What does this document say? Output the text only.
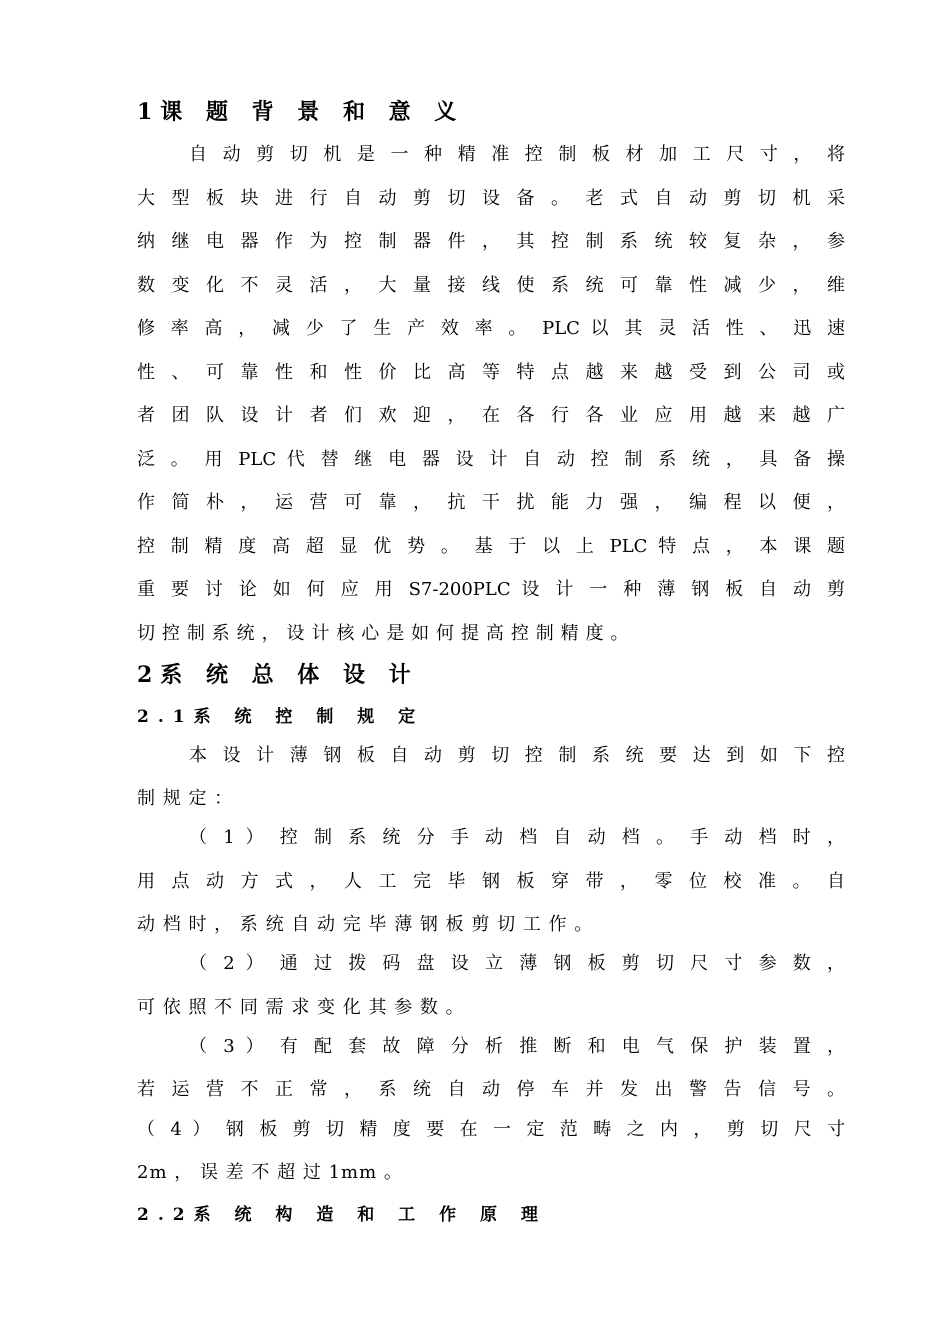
1课 题 背 景 和 意 义
自 动 剪 切 机 是 一 种 精 准 控 制 板 材 加 工 尺 寸 ， 将
大 型 板 块 进 行 自 动 剪 切 设 备 。 老 式 自 动 剪 切 机 采
纳 继 电 器 作 为 控 制 器 件 ， 其 控 制 系 统 较 复 杂 ， 参
数 变 化 不 灵 活 ， 大 量 接 线 使 系 统 可 靠 性 减 少 ， 维
修 率 高 ， 减 少 了 生 产 效 率 。 PLC 以 其 灵 活 性 、 迅 速
性 、 可 靠 性 和 性 价 比 高 等 特 点 越 来 越 受 到 公 司 或
者 团 队 设 计 者 们 欢 迎 ， 在 各 行 各 业 应 用 越 来 越 广
泛 。 用 PLC 代 替 继 电 器 设 计 自 动 控 制 系 统 ， 具 备 操
作 简 朴 ， 运 营 可 靠 ， 抗 干 扰 能 力 强 ， 编 程 以 便 ，
控 制 精 度 高 超 显 优 势 。 基 于 以 上 PLC 特 点 ， 本 课 题
重 要 讨 论 如 何 应 用 S7-200PLC 设 计 一 种 薄 钢 板 自 动 剪
切 控 制 系 统 ， 设 计 核 心 是 如 何 提 高 控 制 精 度 。
2系 统 总 体 设 计
2.1系 统 控 制 规 定
本 设 计 薄 钢 板 自 动 剪 切 控 制 系 统 要 达 到 如 下 控
制 规 定 ：
（ 1 ） 控 制 系 统 分 手 动 档 自 动 档 。 手 动 档 时 ，
用 点 动 方 式 ， 人 工 完 毕 钢 板 穿 带 ， 零 位 校 准 。 自
动 档 时 ， 系 统 自 动 完 毕 薄 钢 板 剪 切 工 作 。
（ 2 ） 通 过 拨 码 盘 设 立 薄 钢 板 剪 切 尺 寸 参 数 ，
可 依 照 不 同 需 求 变 化 其 参 数 。
（ 3 ） 有 配 套 故 障 分 析 推 断 和 电 气 保 护 装 置 ，
若 运 营 不 正 常 ， 系 统 自 动 停 车 并 发 出 警 告 信 号 。
（ 4 ） 钢 板 剪 切 精 度 要 在 一 定 范 畴 之 内 ， 剪 切 尺 寸
2m ， 误 差 不 超 过 1mm 。
2.2系 统 构 造 和 工 作 原 理
